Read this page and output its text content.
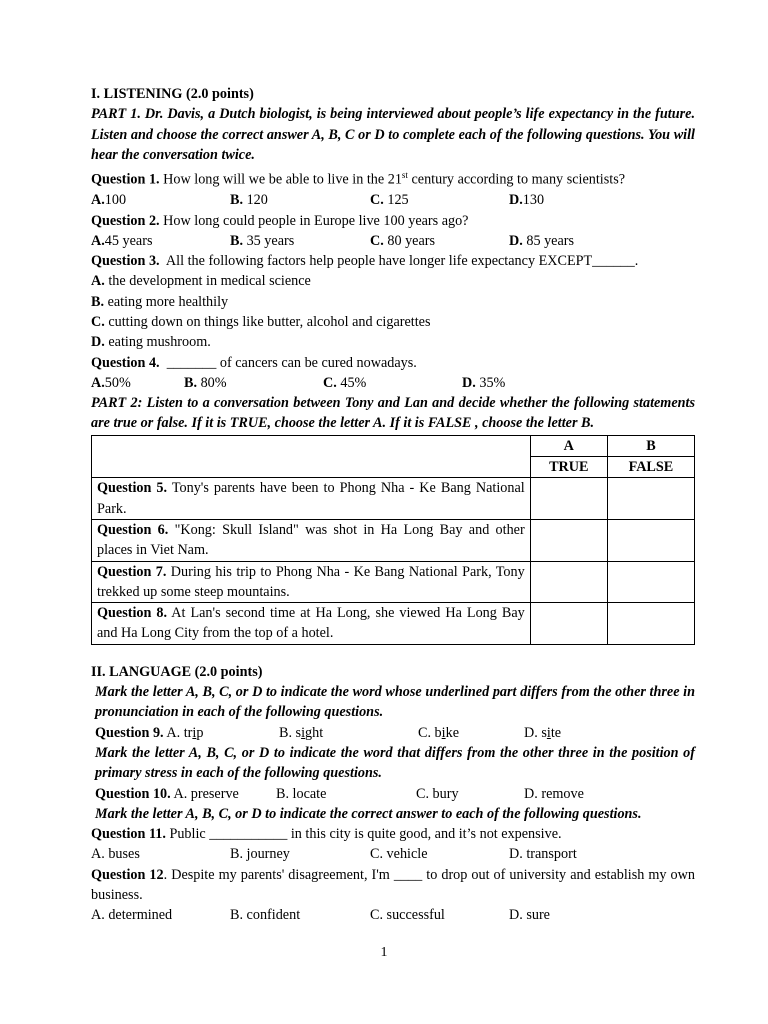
I. LISTENING (2.0 points)
PART 1. Dr. Davis, a Dutch biologist, is being interviewed about people’s life expectancy in the future. Listen and choose the correct answer A, B, C or D to complete each of the following questions. You will hear the conversation twice.
Question 1. How long will we be able to live in the 21st century according to many scientists?
A.100	B. 120	C. 125	D.130
Question 2. How long could people in Europe live 100 years ago?
A.45 years	B. 35 years	C. 80 years	D. 85 years
Question 3.  All the following factors help people have longer life expectancy EXCEPT______.
A. the development in medical science
B. eating more healthily
C. cutting down on things like butter, alcohol and cigarettes
D. eating mushroom.
Question 4.  _______ of cancers can be cured nowadays.
A.50%	B. 80%	C. 45%	D. 35%
PART 2: Listen to a conversation between Tony and Lan and decide whether the following statements are true or false. If it is TRUE, choose the letter A. If it is FALSE , choose the letter B.
	A	B
	TRUE	FALSE
Question 5. Tony's parents have been to Phong Nha - Ke Bang National Park.		
Question 6. "Kong: Skull Island" was shot in Ha Long Bay and other places in Viet Nam.		
Question 7. During his trip to Phong Nha - Ke Bang National Park, Tony trekked up some steep mountains.		
Question 8. At Lan's second time at Ha Long, she viewed Ha Long Bay and Ha Long City from the top of a hotel.		
II. LANGUAGE (2.0 points)
Mark the letter A, B, C, or D to indicate the word whose underlined part differs from the other three in pronunciation in each of the following questions.
Question 9. A. trip	B. sight	C. bike	D. site
Mark the letter A, B, C, or D to indicate the word that differs from the other three in the position of primary stress in each of the following questions.
Question 10. A. preserve	B. locate	C. bury	D. remove
Mark the letter A, B, C, or D to indicate the correct answer to each of the following questions.
Question 11. Public ___________ in this city is quite good, and it’s not expensive.
A. buses	B. journey	C. vehicle	D. transport
Question 12. Despite my parents' disagreement, I'm ____ to drop out of university and establish my own business.
A. determined	B. confident	C. successful	D. sure
1
